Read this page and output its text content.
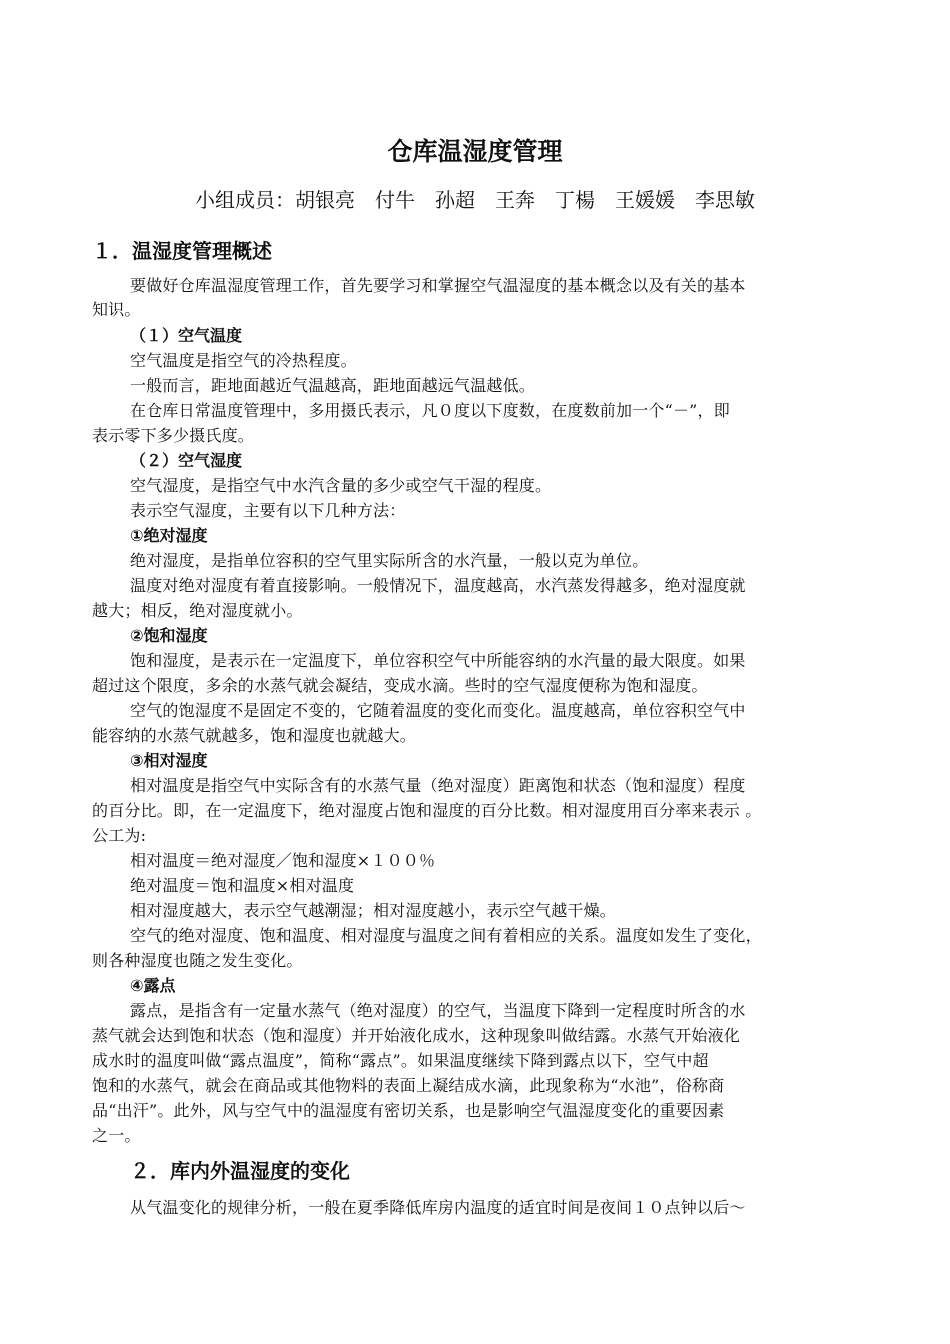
仓库温湿度管理
小组成员：胡银亮　付牛　孙超　王奔　丁楊　王媛媛　李思敏
１．温湿度管理概述
要做好仓库温湿度管理工作，首先要学习和掌握空气温湿度的基本概念以及有关的基本
知识。
（１）空气温度
空气温度是指空气的冷热程度。
一般而言，距地面越近气温越高，距地面越远气温越低。
在仓库日常温度管理中，多用摄氏表示，凡０度以下度数，在度数前加一个“－”，即
表示零下多少摄氏度。
（２）空气湿度
空气湿度，是指空气中水汽含量的多少或空气干湿的程度。
表示空气湿度，主要有以下几种方法：
①绝对湿度
绝对湿度，是指单位容积的空气里实际所含的水汽量，一般以克为单位。
温度对绝对湿度有着直接影响。一般情况下，温度越高，水汽蒸发得越多，绝对湿度就
越大；相反，绝对湿度就小。
②饱和湿度
饱和湿度，是表示在一定温度下，单位容积空气中所能容纳的水汽量的最大限度。如果
超过这个限度，多余的水蒸气就会凝结，变成水滴。些时的空气湿度便称为饱和湿度。
空气的饱湿度不是固定不变的，它随着温度的变化而变化。温度越高，单位容积空气中
能容纳的水蒸气就越多，饱和湿度也就越大。
③相对湿度
相对温度是指空气中实际含有的水蒸气量（绝对湿度）距离饱和状态（饱和湿度）程度
的百分比。即，在一定温度下，绝对湿度占饱和湿度的百分比数。相对湿度用百分率来表示 。
公工为:
相对温度＝绝对湿度／饱和湿度×１００％
绝对温度＝饱和温度×相对温度
相对湿度越大，表示空气越潮湿；相对湿度越小，表示空气越干燥。
空气的绝对湿度、饱和温度、相对湿度与温度之间有着相应的关系。温度如发生了变化，
则各种湿度也随之发生变化。
④露点
露点，是指含有一定量水蒸气（绝对湿度）的空气，当温度下降到一定程度时所含的水
蒸气就会达到饱和状态（饱和湿度）并开始液化成水，这种现象叫做结露。水蒸气开始液化
成水时的温度叫做“露点温度”，简称“露点”。如果温度继续下降到露点以下，空气中超
饱和的水蒸气，就会在商品或其他物料的表面上凝结成水滴，此现象称为“水池”，俗称商
品“出汗”。此外，风与空气中的温湿度有密切关系，也是影响空气温湿度变化的重要因素
之一。
２．库内外温湿度的变化
从气温变化的规律分析，一般在夏季降低库房内温度的适宜时间是夜间１０点钟以后～
